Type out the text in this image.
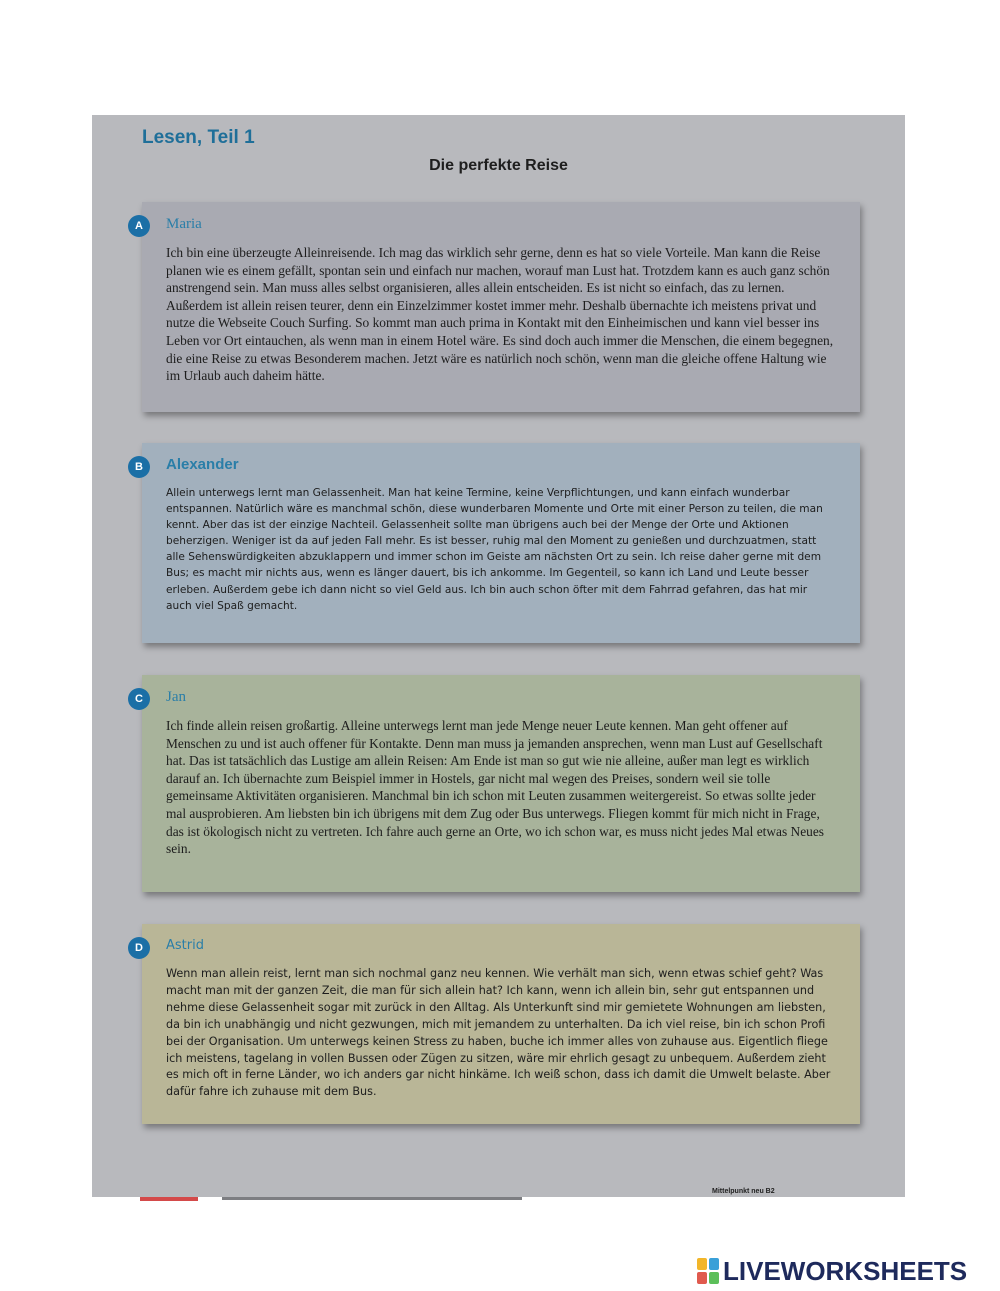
Lesen, Teil 1
Die perfekte Reise
A	Maria

Ich bin eine überzeugte Alleinreisende. Ich mag das wirklich sehr gerne, denn es hat so viele Vorteile. Man kann die Reise planen wie es einem gefällt, spontan sein und einfach nur machen, worauf man Lust hat. Trotzdem kann es auch ganz schön anstrengend sein. Man muss alles selbst organisieren, alles allein entscheiden. Es ist nicht so einfach, das zu lernen. Außerdem ist allein reisen teurer, denn ein Einzelzimmer kostet immer mehr. Deshalb übernachte ich meistens privat und nutze die Webseite Couch Surfing. So kommt man auch prima in Kontakt mit den Einheimischen und kann viel besser ins Leben vor Ort eintauchen, als wenn man in einem Hotel wäre. Es sind doch auch immer die Menschen, die einem begegnen, die eine Reise zu etwas Besonderem machen. Jetzt wäre es natürlich noch schön, wenn man die gleiche offene Haltung wie im Urlaub auch daheim hätte.

B	Alexander

Allein unterwegs lernt man Gelassenheit. Man hat keine Termine, keine Verpflichtungen, und kann einfach wunderbar entspannen. Natürlich wäre es manchmal schön, diese wunderbaren Momente und Orte mit einer Person zu teilen, die man kennt. Aber das ist der einzige Nachteil. Gelassenheit sollte man übrigens auch bei der Menge der Orte und Aktionen beherzigen. Weniger ist da auf jeden Fall mehr. Es ist besser, ruhig mal den Moment zu genießen und durchzuatmen, statt alle Sehenswürdigkeiten abzuklappern und immer schon im Geiste am nächsten Ort zu sein. Ich reise daher gerne mit dem Bus; es macht mir nichts aus, wenn es länger dauert, bis ich ankomme. Im Gegenteil, so kann ich Land und Leute besser erleben. Außerdem gebe ich dann nicht so viel Geld aus. Ich bin auch schon öfter mit dem Fahrrad gefahren, das hat mir auch viel Spaß gemacht.

C	Jan

Ich finde allein reisen großartig. Alleine unterwegs lernt man jede Menge neuer Leute kennen. Man geht offener auf Menschen zu und ist auch offener für Kontakte. Denn man muss ja jemanden ansprechen, wenn man Lust auf Gesellschaft hat. Das ist tatsächlich das Lustige am allein Reisen: Am Ende ist man so gut wie nie alleine, außer man legt es wirklich darauf an. Ich übernachte zum Beispiel immer in Hostels, gar nicht mal wegen des Preises, sondern weil sie tolle gemeinsame Aktivitäten organisieren. Manchmal bin ich schon mit Leuten zusammen weitergereist. So etwas sollte jeder mal ausprobieren. Am liebsten bin ich übrigens mit dem Zug oder Bus unterwegs. Fliegen kommt für mich nicht in Frage, das ist ökologisch nicht zu vertreten. Ich fahre auch gerne an Orte, wo ich schon war, es muss nicht jedes Mal etwas Neues sein.

D	Astrid

Wenn man allein reist, lernt man sich nochmal ganz neu kennen. Wie verhält man sich, wenn etwas schief geht? Was macht man mit der ganzen Zeit, die man für sich allein hat? Ich kann, wenn ich allein bin, sehr gut entspannen und nehme diese Gelassenheit sogar mit zurück in den Alltag. Als Unterkunft sind mir gemietete Wohnungen am liebsten, da bin ich unabhängig und nicht gezwungen, mich mit jemandem zu unterhalten. Da ich viel reise, bin ich schon Profi bei der Organisation. Um unterwegs keinen Stress zu haben, buche ich immer alles von zuhause aus. Eigentlich fliege ich meistens, tagelang in vollen Bussen oder Zügen zu sitzen, wäre mir ehrlich gesagt zu unbequem. Außerdem zieht es mich oft in ferne Länder, wo ich anders gar nicht hinkäme. Ich weiß schon, dass ich damit die Umwelt belaste. Aber dafür fahre ich zuhause mit dem Bus.

Mittelpunkt neu B2

LIVEWORKSHEETS
